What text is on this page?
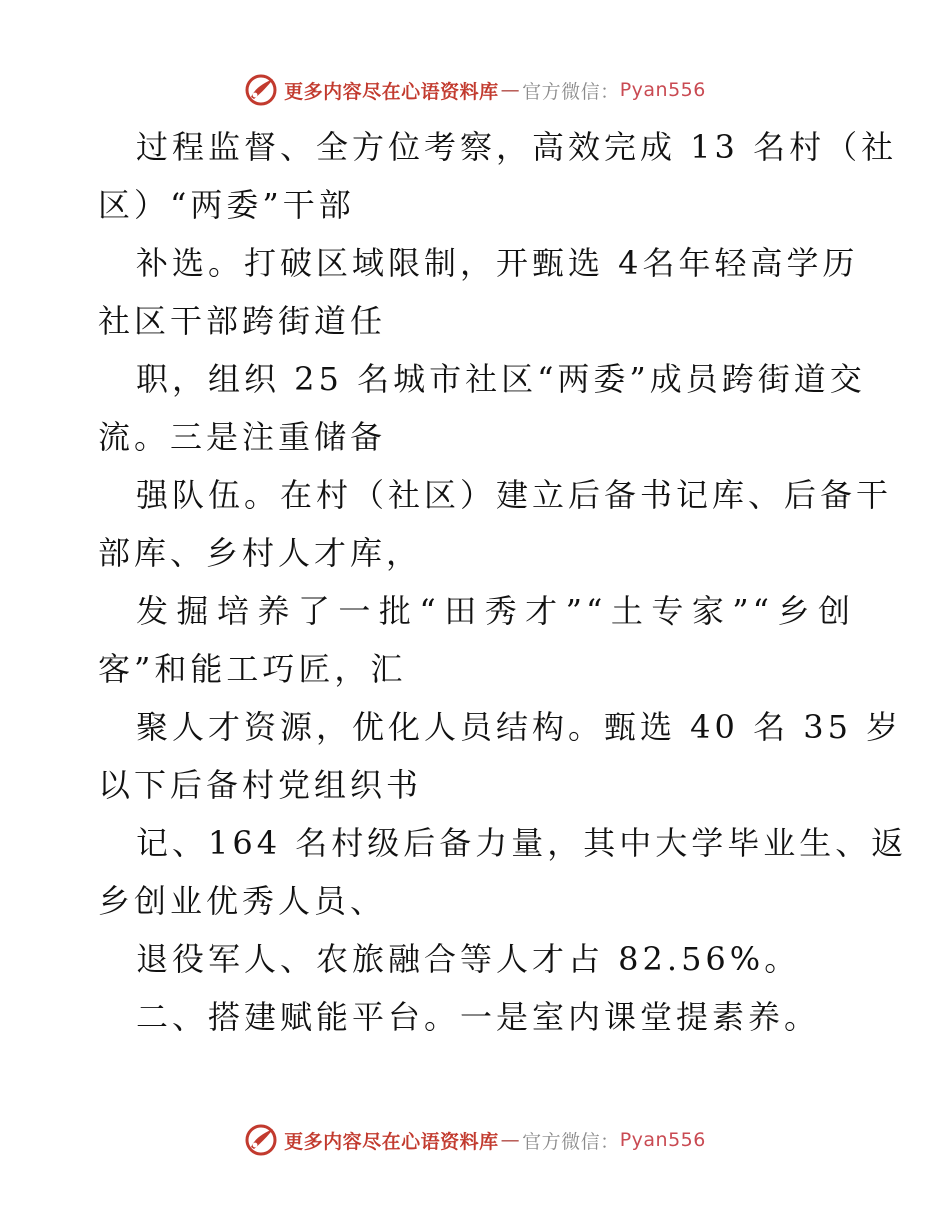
更多内容尽在心语资料库 — 官方微信： Pyan556
过程监督、全方位考察，高效完成 13 名村（社
区）“两委”干部
补选。打破区域限制，开甄选 4名年轻高学历
社区干部跨街道任
职，组织 25 名城市社区“两委”成员跨街道交
流。三是注重储备
强队伍。在村（社区）建立后备书记库、后备干
部库、乡村人才库，
发掘培养了一批“田秀才”“土专家”“乡创
客”和能工巧匠，汇
聚人才资源，优化人员结构。甄选 40 名 35 岁
以下后备村党组织书
记、164 名村级后备力量，其中大学毕业生、返
乡创业优秀人员、
退役军人、农旅融合等人才占 82.56%。
二、搭建赋能平台。一是室内课堂提素养。
更多内容尽在心语资料库 — 官方微信： Pyan556
